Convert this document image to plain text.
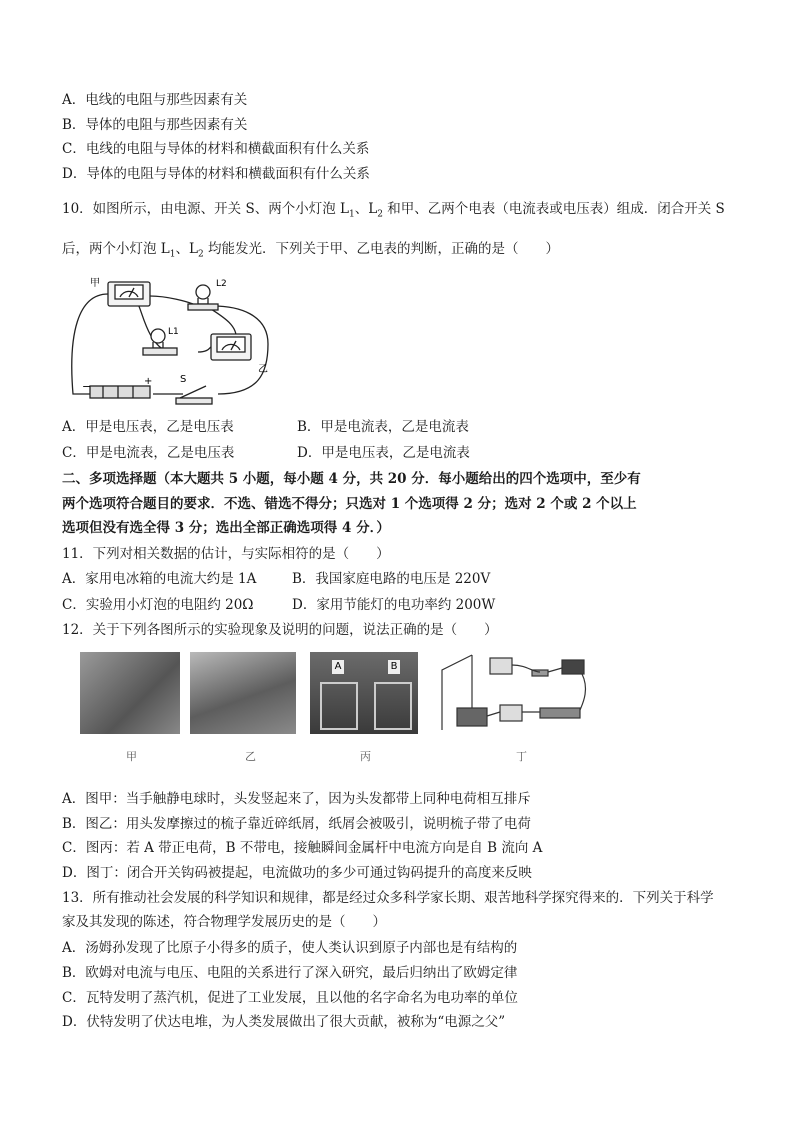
A．电线的电阻与那些因素有关
B．导体的电阻与那些因素有关
C．电线的电阻与导体的材料和横截面积有什么关系
D．导体的电阻与导体的材料和横截面积有什么关系
10．如图所示，由电源、开关 S、两个小灯泡 $L_1$、$L_2$ 和甲、乙两个电表（电流表或电压表）组成．闭合开关 S
后，两个小灯泡 $L_1$、$L_2$ 均能发光．下列关于甲、乙电表的判断，正确的是（　　）
甲	L2
L1
乙
S
−	+
A．甲是电压表，乙是电压表	B．甲是电流表，乙是电流表
C．甲是电流表，乙是电压表	D．甲是电压表，乙是电流表
二、多项选择题（本大题共 5 小题，每小题 4 分，共 20 分．每小题给出的四个选项中，至少有
两个选项符合题目的要求．不选、错选不得分；只选对 1 个选项得 2 分；选对 2 个或 2 个以上
选项但没有选全得 3 分；选出全部正确选项得 4 分．）
11．下列对相关数据的估计，与实际相符的是（　　）
A．家用电冰箱的电流大约是 1A	B．我国家庭电路的电压是 220V
C．实验用小灯泡的电阻约 20Ω	D．家用节能灯的电功率约 200W
12．关于下列各图所示的实验现象及说明的问题，说法正确的是（　　）
A	B
甲	乙	丙	丁
A．图甲：当手触静电球时，头发竖起来了，因为头发都带上同种电荷相互排斥
B．图乙：用头发摩擦过的梳子靠近碎纸屑，纸屑会被吸引，说明梳子带了电荷
C．图丙：若 A 带正电荷，B 不带电，接触瞬间金属杆中电流方向是自 B 流向 A
D．图丁：闭合开关钩码被提起，电流做功的多少可通过钩码提升的高度来反映
13．所有推动社会发展的科学知识和规律，都是经过众多科学家长期、艰苦地科学探究得来的．下列关于科学
家及其发现的陈述，符合物理学发展历史的是（　　）
A．汤姆孙发现了比原子小得多的质子，使人类认识到原子内部也是有结构的
B．欧姆对电流与电压、电阻的关系进行了深入研究，最后归纳出了欧姆定律
C．瓦特发明了蒸汽机，促进了工业发展，且以他的名字命名为电功率的单位
D．伏特发明了伏达电堆，为人类发展做出了很大贡献，被称为“电源之父”
